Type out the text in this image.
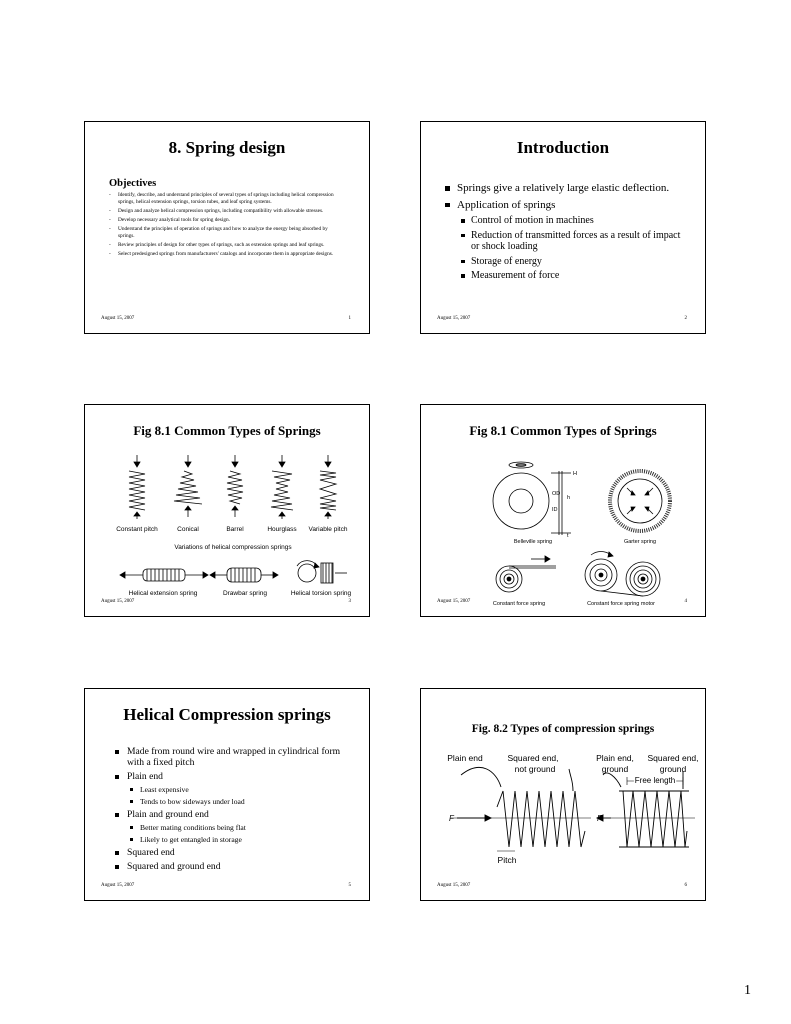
8. Spring design
Objectives
- Identify, describe, and understand principles of several types of springs including helical compression springs, helical extension springs, torsion tubes, and leaf spring systems.
- Design and analyze helical compression springs, including compatibility with allowable stresses.
- Develop necessary analytical tools for spring design.
- Understand the principles of operation of springs and how to analyze the energy being absorbed by springs.
- Review principles of design for other types of springs, such as extension springs and leaf springs.
- Select predesigned springs from manufacturers' catalogs and incorporate them in appropriate designs.
August 15, 2007	1
Introduction
Springs give a relatively large elastic deflection.
Application of springs
Control of motion in machines
Reduction of transmitted forces as a result of impact or shock loading
Storage of energy
Measurement of force
August 15, 2007	2
Fig 8.1 Common Types of Springs
Constant pitch	Conical	Barrel	Hourglass Variable pitch
Variations of helical compression springs
Helical extension spring	Drawbar spring	Helical torsion spring
August 15, 2007	3
Fig 8.1 Common Types of Springs
H
OD
h
ID
t
Belleville spring	Garter spring
Constant force spring	Constant force spring motor
August 15, 2007	4
Helical Compression springs
Made from round wire and wrapped in cylindrical form with a fixed pitch
Plain end
Least expensive
Tends to bow sideways under load
Plain and ground end
Better mating conditions being flat
Likely to get entangled in storage
Squared end
Squared and ground end
August 15, 2007	5
Fig. 8.2 Types of compression springs
Plain end	Squared end,
not ground
Plain end,
ground
Squared end,
ground
Free length
F	F
Pitch
August 15, 2007	6
1
